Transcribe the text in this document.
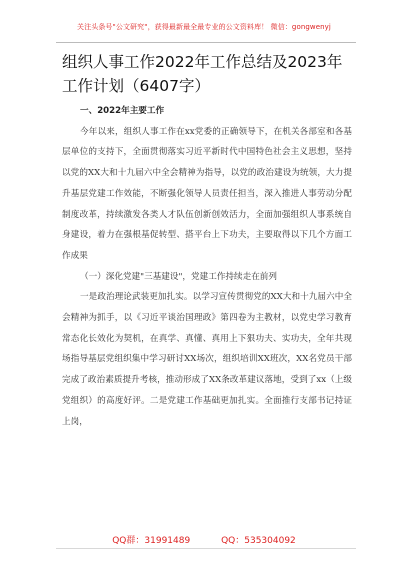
关注头条号"公文研究"，获得最新最全最专业的公文资料库！ 微信：gongwenyj
组织人事工作2022年工作总结及2023年工作计划（6407字）
一、2022年主要工作

今年以来，组织人事工作在xx党委的正确领导下，在机关各部室和各基层单位的支持下，全面贯彻落实习近平新时代中国特色社会主义思想，坚持以党的XX大和十九届六中全会精神为指导，以党的政治建设为统领，大力提升基层党建工作效能，不断强化领导人员责任担当，深入推进人事劳动分配制度改革，持续激发各类人才队伍创新创效活力，全面加强组织人事系统自身建设，着力在强根基促转型、搭平台上下功夫，主要取得以下几个方面工作成果

（一）深化党建"三基建设"，党建工作持续走在前列

一是政治理论武装更加扎实。以学习宣传贯彻党的XX大和十九届六中全会精神为抓手，以《习近平谈治国理政》第四卷为主教材，以党史学习教育常态化长效化为契机，在真学、真懂、真用上下狠功夫、实功夫，全年共现场指导基层党组织集中学习研讨XX场次，组织培训XX班次，XX名党员干部完成了政治素质提升考核，推动形成了XX条改革建议落地，受到了xx（上级党组织）的高度好评。二是党建工作基础更加扎实。全面推行支部书记持证上岗，

QQ群：31991489	QQ：535304092
